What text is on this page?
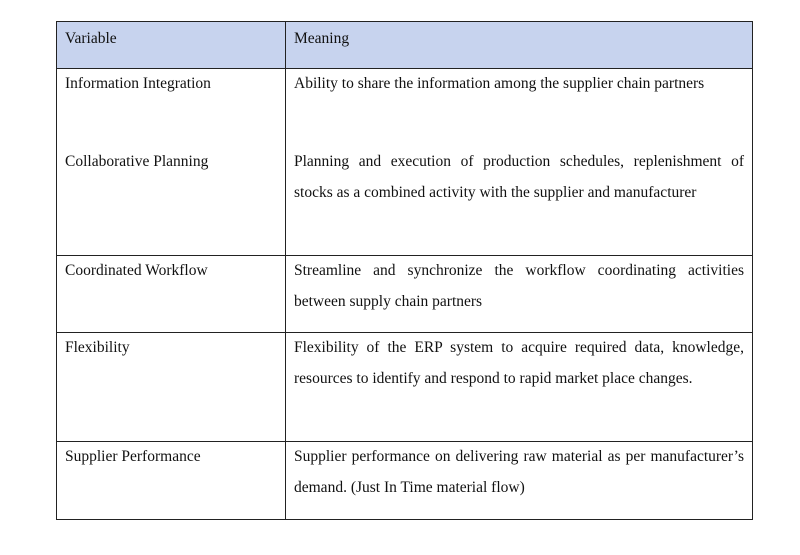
Variable	Meaning
Information Integration	Ability to share the information among the supplier chain partners
Collaborative Planning	Planning and execution of production schedules, replenishment of stocks as a combined activity with the supplier and manufacturer
Coordinated Workflow	Streamline and synchronize the workflow coordinating activities between supply chain partners
Flexibility	Flexibility of the ERP system to acquire required data, knowledge, resources to identify and respond to rapid market place changes.
Supplier Performance	Supplier performance on delivering raw material as per manufacturer’s demand. (Just In Time material flow)
